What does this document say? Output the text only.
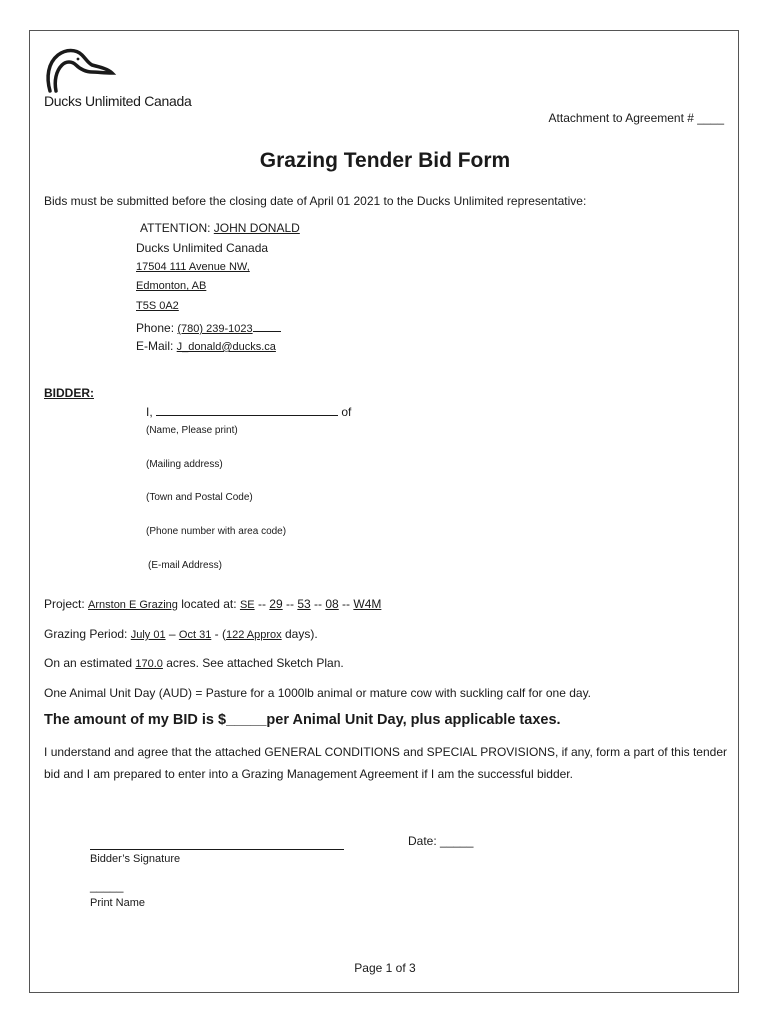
Ducks Unlimited Canada
Attachment to Agreement # ____
Grazing Tender Bid Form
Bids must be submitted before the closing date of April 01 2021 to the Ducks Unlimited representative:
ATTENTION: JOHN DONALD
Ducks Unlimited Canada
17504 111 Avenue NW,
Edmonton, AB
T5S 0A2
Phone: (780) 239-1023
E-Mail: J_donald@ducks.ca
BIDDER:
I,	of
(Name, Please print)
(Mailing address)
(Town and Postal Code)
(Phone number with area code)
(E-mail Address)
Project: Arnston E Grazing located at: SE -- 29 -- 53 -- 08 -- W4M
Grazing Period: July 01 – Oct 31 - (122 Approx days).
On an estimated 170.0 acres. See attached Sketch Plan.
One Animal Unit Day (AUD) = Pasture for a 1000lb animal or mature cow with suckling calf for one day.
The amount of my BID is $_____per Animal Unit Day, plus applicable taxes.
I understand and agree that the attached GENERAL CONDITIONS and SPECIAL PROVISIONS, if any, form a part of this tender bid and I am prepared to enter into a Grazing Management Agreement if I am the successful bidder.
Bidder’s Signature
Date: _____
_____
Print Name
Page 1 of 3
